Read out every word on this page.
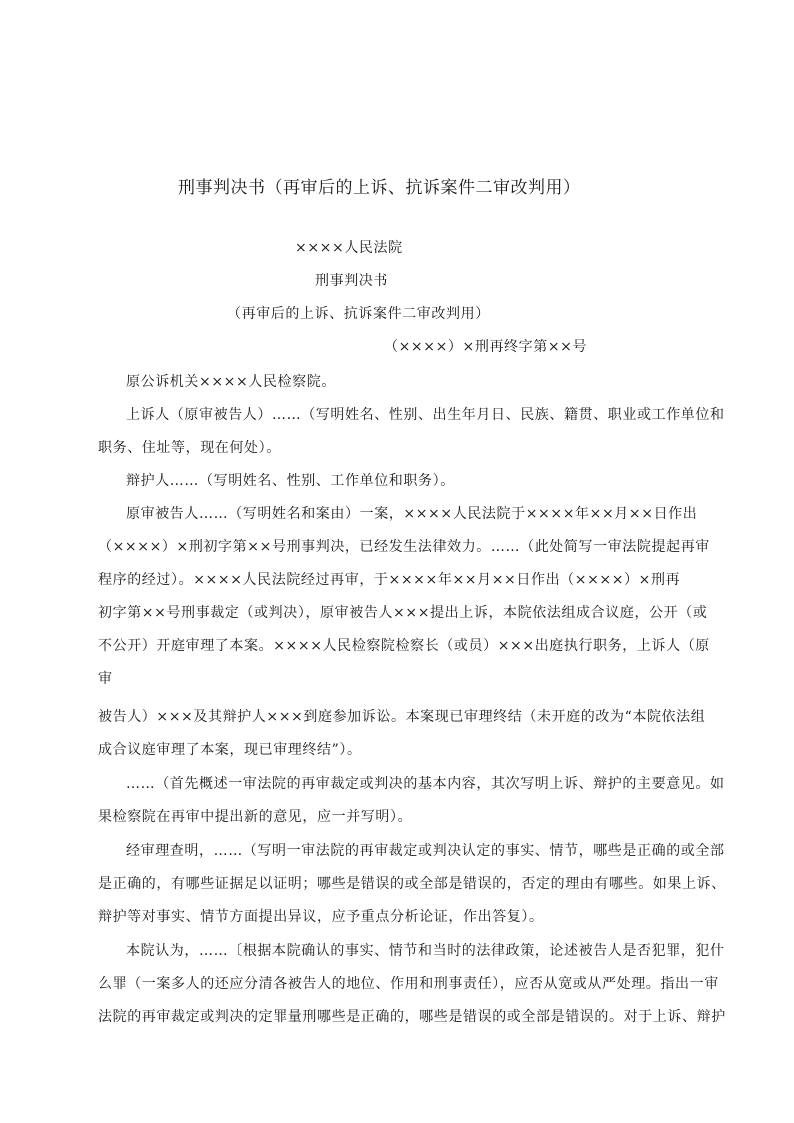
刑事判决书（再审后的上诉、抗诉案件二审改判用）
××××人民法院
刑事判决书
（再审后的上诉、抗诉案件二审改判用）
（××××）×刑再终字第××号
原公诉机关××××人民检察院。
上诉人（原审被告人）……（写明姓名、性别、出生年月日、民族、籍贯、职业或工作单位和
职务、住址等，现在何处）。
辩护人……（写明姓名、性别、工作单位和职务）。
原审被告人……（写明姓名和案由）一案，××××人民法院于××××年××月××日作出
（××××）×刑初字第××号刑事判决，已经发生法律效力。……（此处简写一审法院提起再审
程序的经过）。××××人民法院经过再审，于××××年××月××日作出（××××）×刑再
初字第××号刑事裁定（或判决），原审被告人×××提出上诉，本院依法组成合议庭，公开（或
不公开）开庭审理了本案。××××人民检察院检察长（或员）×××出庭执行职务，上诉人（原
审
被告人）×××及其辩护人×××到庭参加诉讼。本案现已审理终结（未开庭的改为“本院依法组
成合议庭审理了本案，现已审理终结”）。
……（首先概述一审法院的再审裁定或判决的基本内容，其次写明上诉、辩护的主要意见。如
果检察院在再审中提出新的意见，应一并写明）。
经审理查明，……（写明一审法院的再审裁定或判决认定的事实、情节，哪些是正确的或全部
是正确的，有哪些证据足以证明；哪些是错误的或全部是错误的，否定的理由有哪些。如果上诉、
辩护等对事实、情节方面提出异议，应予重点分析论证，作出答复）。
本院认为，……〔根据本院确认的事实、情节和当时的法律政策，论述被告人是否犯罪，犯什
么罪（一案多人的还应分清各被告人的地位、作用和刑事责任），应否从宽或从严处理。指出一审
法院的再审裁定或判决的定罪量刑哪些是正确的，哪些是错误的或全部是错误的。对于上诉、辩护
